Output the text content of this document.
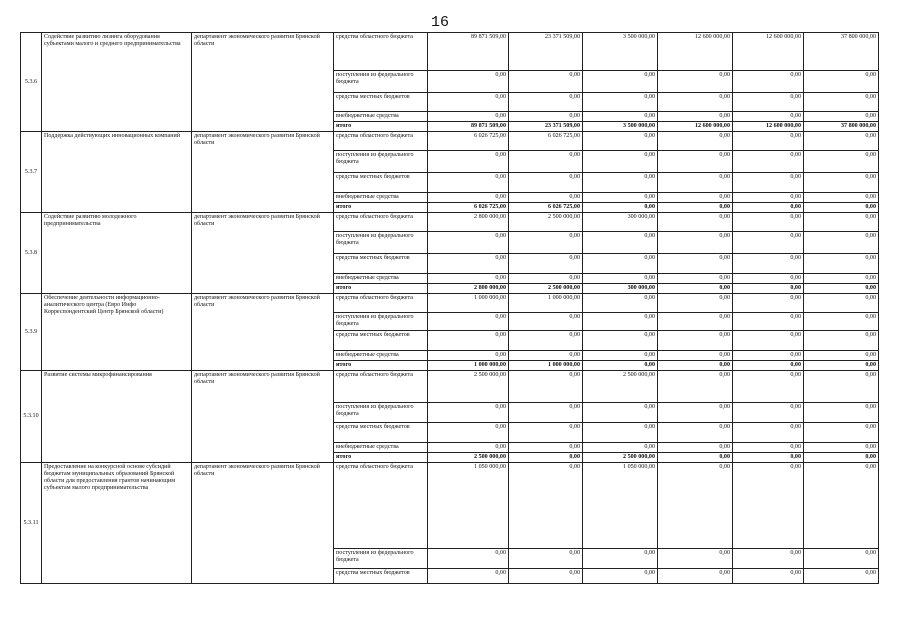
16
5.3.6	Содействие развитию лизинга оборудования субъектами малого и среднего предпринимательства	департамент экономического развития Брянской области	средства областного бюджета	89 871 509,00	23 371 509,00	3 500 000,00	12 600 000,00	12 600 000,00	37 800 000,00
			поступления из федерального бюджета	0,00	0,00	0,00	0,00	0,00	0,00
			средства местных бюджетов	0,00	0,00	0,00	0,00	0,00	0,00
			внебюджетные средства	0,00	0,00	0,00	0,00	0,00	0,00
			итого	89 871 509,00	23 371 509,00	3 500 000,00	12 600 000,00	12 600 000,00	37 800 000,00
5.3.7	Поддержка действующих инновационных компаний	департамент экономического развития Брянской области	средства областного бюджета	6 026 725,00	6 026 725,00	0,00	0,00	0,00	0,00
			поступления из федерального бюджета	0,00	0,00	0,00	0,00	0,00	0,00
			средства местных бюджетов	0,00	0,00	0,00	0,00	0,00	0,00
			внебюджетные средства	0,00	0,00	0,00	0,00	0,00	0,00
			итого	6 026 725,00	6 026 725,00	0,00	0,00	0,00	0,00
5.3.8	Содействие развитию молодежного предпринимательства	департамент экономического развития Брянской области	средства областного бюджета	2 800 000,00	2 500 000,00	300 000,00	0,00	0,00	0,00
			поступления из федерального бюджета	0,00	0,00	0,00	0,00	0,00	0,00
			средства местных бюджетов	0,00	0,00	0,00	0,00	0,00	0,00
			внебюджетные средства	0,00	0,00	0,00	0,00	0,00	0,00
			итого	2 800 000,00	2 500 000,00	300 000,00	0,00	0,00	0,00
5.3.9	Обеспечение деятельности информационно-аналитического центра (Евро Инфо Корреспондентский Центр Брянской области)	департамент экономического развития Брянской области	средства областного бюджета	1 000 000,00	1 000 000,00	0,00	0,00	0,00	0,00
			поступления из федерального бюджета	0,00	0,00	0,00	0,00	0,00	0,00
			средства местных бюджетов	0,00	0,00	0,00	0,00	0,00	0,00
			внебюджетные средства	0,00	0,00	0,00	0,00	0,00	0,00
			итого	1 000 000,00	1 000 000,00	0,00	0,00	0,00	0,00
5.3.10	Развитие системы микрофинансирования	департамент экономического развития Брянской области	средства областного бюджета	2 500 000,00	0,00	2 500 000,00	0,00	0,00	0,00
			поступления из федерального бюджета	0,00	0,00	0,00	0,00	0,00	0,00
			средства местных бюджетов	0,00	0,00	0,00	0,00	0,00	0,00
			внебюджетные средства	0,00	0,00	0,00	0,00	0,00	0,00
			итого	2 500 000,00	0,00	2 500 000,00	0,00	0,00	0,00
5.3.11	Предоставление на конкурсной основе субсидий бюджетам муниципальных образований Брянской области для предоставления грантов начинающим субъектам малого предпринимательства	департамент экономического развития Брянской области	средства областного бюджета	1 050 000,00	0,00	1 050 000,00	0,00	0,00	0,00
			поступления из федерального бюджета	0,00	0,00	0,00	0,00	0,00	0,00
			средства местных бюджетов	0,00	0,00	0,00	0,00	0,00	0,00
